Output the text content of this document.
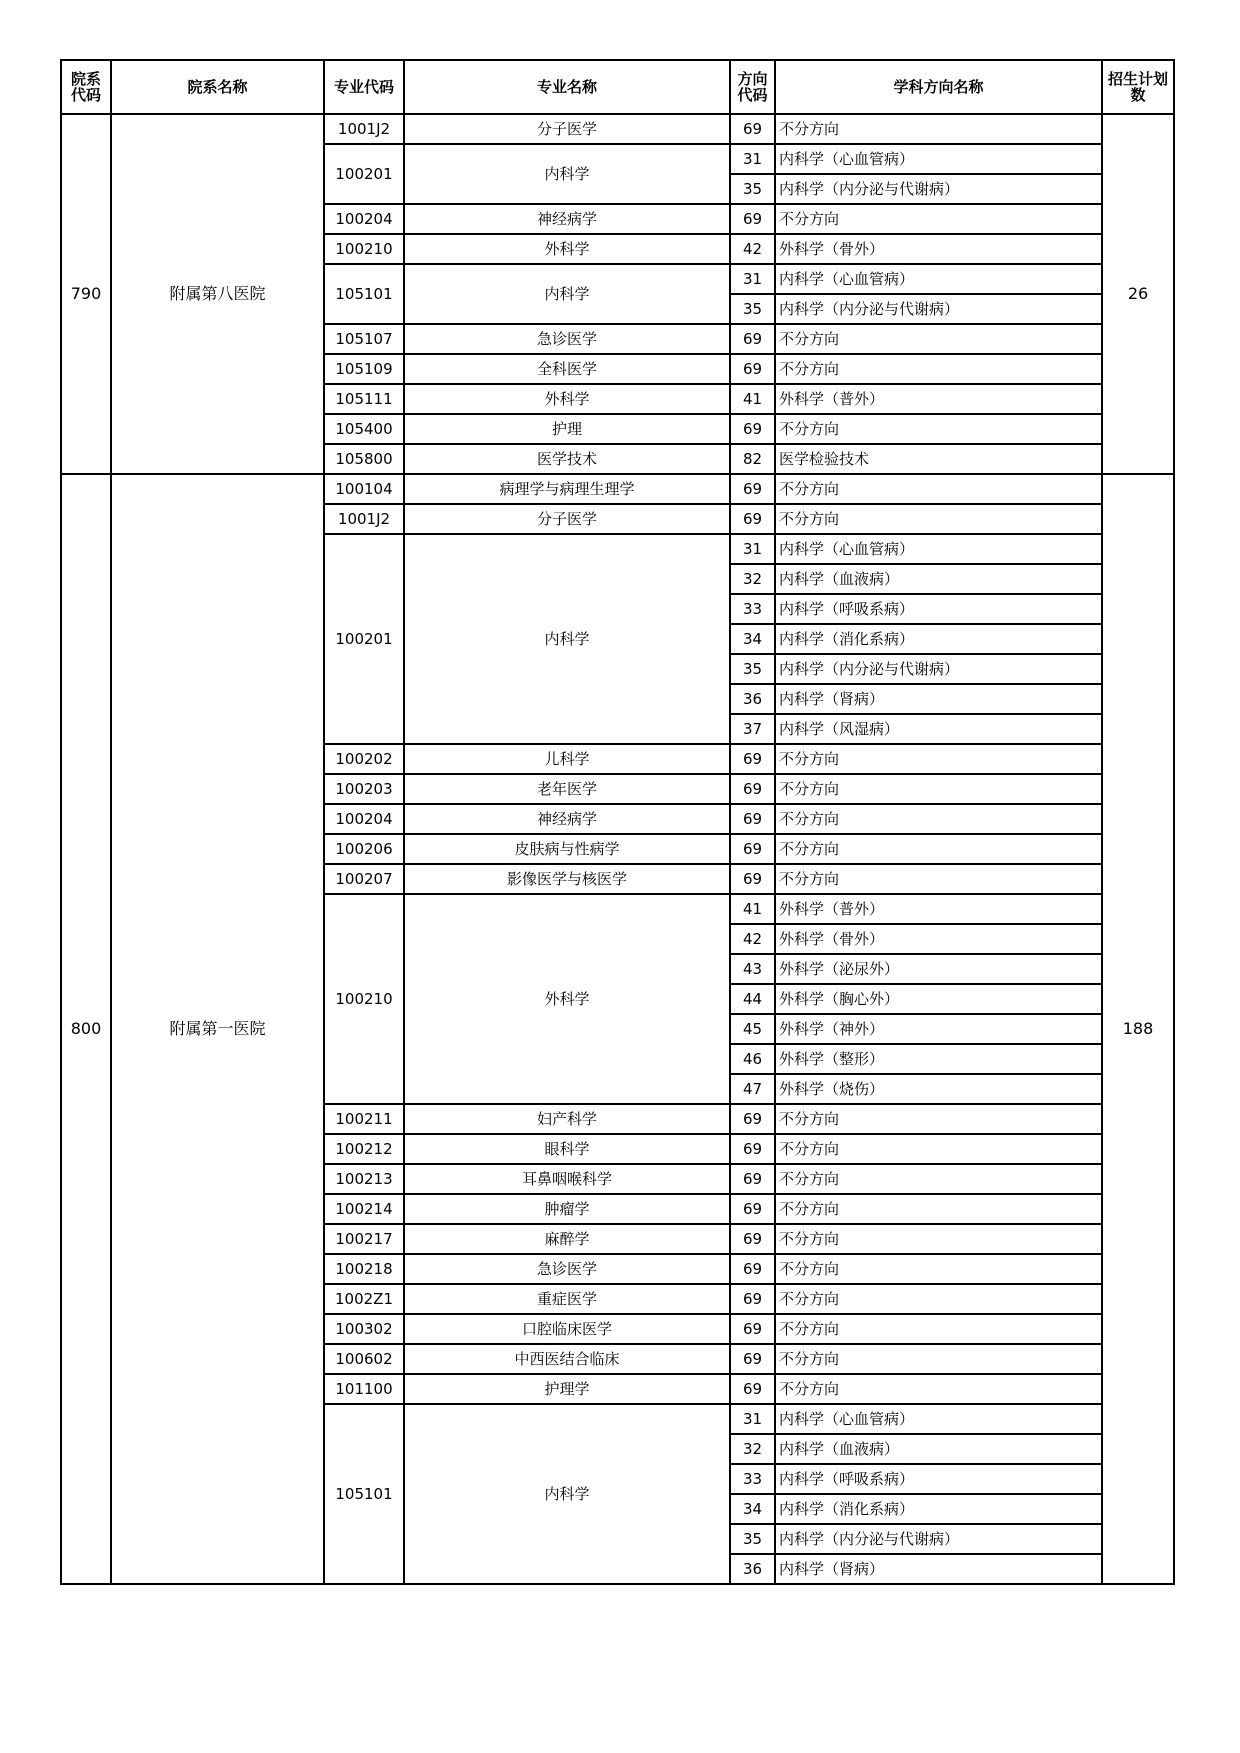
院系代码	院系名称	专业代码	专业名称	方向代码	学科方向名称	招生计划数
790	附属第八医院	1001J2	分子医学	69	不分方向	26
		100201	内科学	31	内科学（心血管病）	
				35	内科学（内分泌与代谢病）	
		100204	神经病学	69	不分方向	
		100210	外科学	42	外科学（骨外）	
		105101	内科学	31	内科学（心血管病）	
				35	内科学（内分泌与代谢病）	
		105107	急诊医学	69	不分方向	
		105109	全科医学	69	不分方向	
		105111	外科学	41	外科学（普外）	
		105400	护理	69	不分方向	
		105800	医学技术	82	医学检验技术	
800	附属第一医院	100104	病理学与病理生理学	69	不分方向	188
		1001J2	分子医学	69	不分方向	
		100201	内科学	31	内科学（心血管病）	
				32	内科学（血液病）	
				33	内科学（呼吸系病）	
				34	内科学（消化系病）	
				35	内科学（内分泌与代谢病）	
				36	内科学（肾病）	
				37	内科学（风湿病）	
		100202	儿科学	69	不分方向	
		100203	老年医学	69	不分方向	
		100204	神经病学	69	不分方向	
		100206	皮肤病与性病学	69	不分方向	
		100207	影像医学与核医学	69	不分方向	
		100210	外科学	41	外科学（普外）	
				42	外科学（骨外）	
				43	外科学（泌尿外）	
				44	外科学（胸心外）	
				45	外科学（神外）	
				46	外科学（整形）	
				47	外科学（烧伤）	
		100211	妇产科学	69	不分方向	
		100212	眼科学	69	不分方向	
		100213	耳鼻咽喉科学	69	不分方向	
		100214	肿瘤学	69	不分方向	
		100217	麻醉学	69	不分方向	
		100218	急诊医学	69	不分方向	
		1002Z1	重症医学	69	不分方向	
		100302	口腔临床医学	69	不分方向	
		100602	中西医结合临床	69	不分方向	
		101100	护理学	69	不分方向	
		105101	内科学	31	内科学（心血管病）	
				32	内科学（血液病）	
				33	内科学（呼吸系病）	
				34	内科学（消化系病）	
				35	内科学（内分泌与代谢病）	
				36	内科学（肾病）	
